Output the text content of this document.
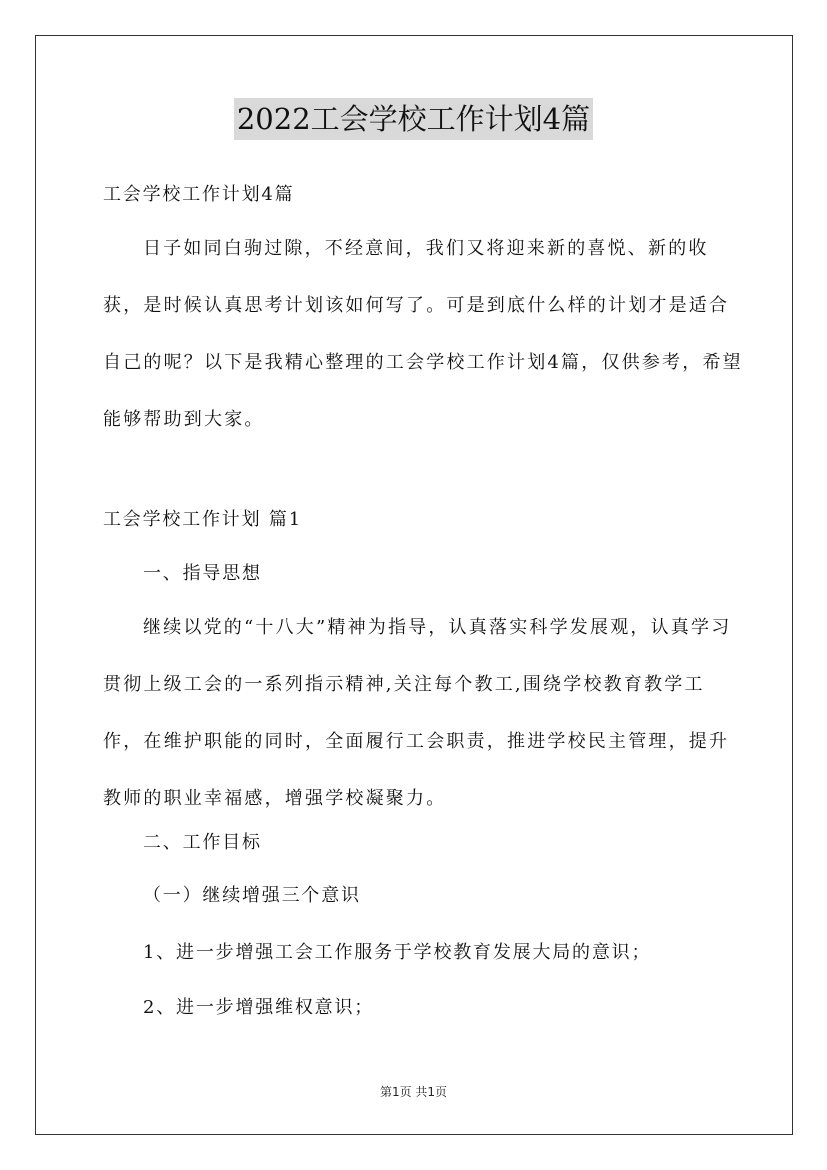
2022工会学校工作计划4篇
工会学校工作计划4篇
日子如同白驹过隙，不经意间，我们又将迎来新的喜悦、新的收获，是时候认真思考计划该如何写了。可是到底什么样的计划才是适合自己的呢？以下是我精心整理的工会学校工作计划4篇，仅供参考，希望能够帮助到大家。
工会学校工作计划 篇1
一、指导思想
继续以党的“十八大”精神为指导，认真落实科学发展观，认真学习贯彻上级工会的一系列指示精神,关注每个教工,围绕学校教育教学工作，在维护职能的同时，全面履行工会职责，推进学校民主管理，提升教师的职业幸福感，增强学校凝聚力。
二、工作目标
（一）继续增强三个意识
1、进一步增强工会工作服务于学校教育发展大局的意识；
2、进一步增强维权意识；
第1页 共1页
